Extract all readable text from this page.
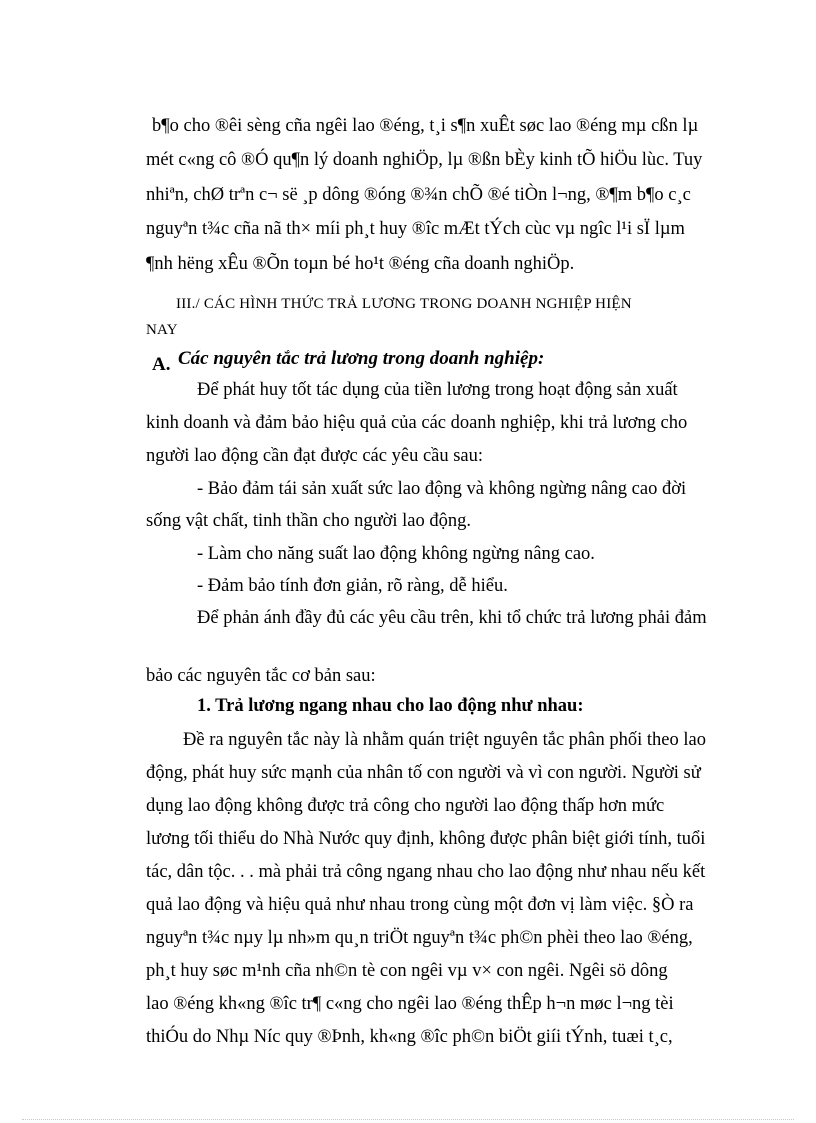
b¶o cho ®êi sèng cña ngêi lao ®éng, t¸i s¶n xuÊt søc lao ®éng mµ cßn lµ
mét c«ng cô ®Ó qu¶n lý doanh nghiÖp, lµ ®ßn bÈy kinh tÕ hiÖu lùc. Tuy
nhiªn, chØ trªn c¬ së ¸p dông ®óng ®¾n chÕ ®é tiÒn l¬ng, ®¶m b¶o c¸c
nguyªn t¾c cña nã th× míi ph¸t huy ®îc mÆt tÝch cùc vµ ngîc l¹i sÏ lµm
¶nh hëng xÊu ®Õn toµn bé ho¹t ®éng cña doanh nghiÖp.
III./ CÁC HÌNH THỨC TRẢ LƯƠNG TRONG DOANH NGHIỆP HIỆN
NAY
A. Các nguyên tắc trả lương trong doanh nghiệp:
Để phát huy tốt tác dụng của tiền lương trong hoạt động sản xuất
kinh doanh và đảm bảo hiệu quả của các doanh nghiệp, khi trả lương cho
người lao động cần đạt được các yêu cầu sau:
- Bảo đảm tái sản xuất sức lao động và không ngừng nâng cao đời
sống vật chất, tinh thần cho người lao động.
- Làm cho năng suất lao động không ngừng nâng cao.
- Đảm bảo tính đơn giản, rõ ràng, dễ hiểu.
Để phản ánh đầy đủ các yêu cầu trên, khi tổ chức trả lương phải đảm
bảo các nguyên tắc cơ bản sau:
1. Trả lương ngang nhau cho lao động như nhau:
Đề ra nguyên tắc này là nhằm quán triệt nguyên tắc phân phối theo lao
động, phát huy sức mạnh của nhân tố con người và vì con người. Người sử
dụng lao động không được trả công cho người lao động thấp hơn mức
lương tối thiểu do Nhà Nước quy định, không được phân biệt giới tính, tuổi
tác, dân tộc. . . mà phải trả công ngang nhau cho lao động như nhau nếu kết
quả lao động và hiệu quả như nhau trong cùng một đơn vị làm việc. §Ò ra
nguyªn t¾c nµy lµ nh»m qu¸n triÖt nguyªn t¾c ph©n phèi theo lao ®éng,
ph¸t huy søc m¹nh cña nh©n tè con ngêi vµ v× con ngêi. Ngêi sö dông
lao ®éng kh«ng ®îc tr¶ c«ng cho ngêi lao ®éng thÊp h¬n møc l¬ng tèi
thiÓu do Nhµ Níc quy ®Þnh, kh«ng ®îc ph©n biÖt giíi tÝnh, tuæi t¸c,
